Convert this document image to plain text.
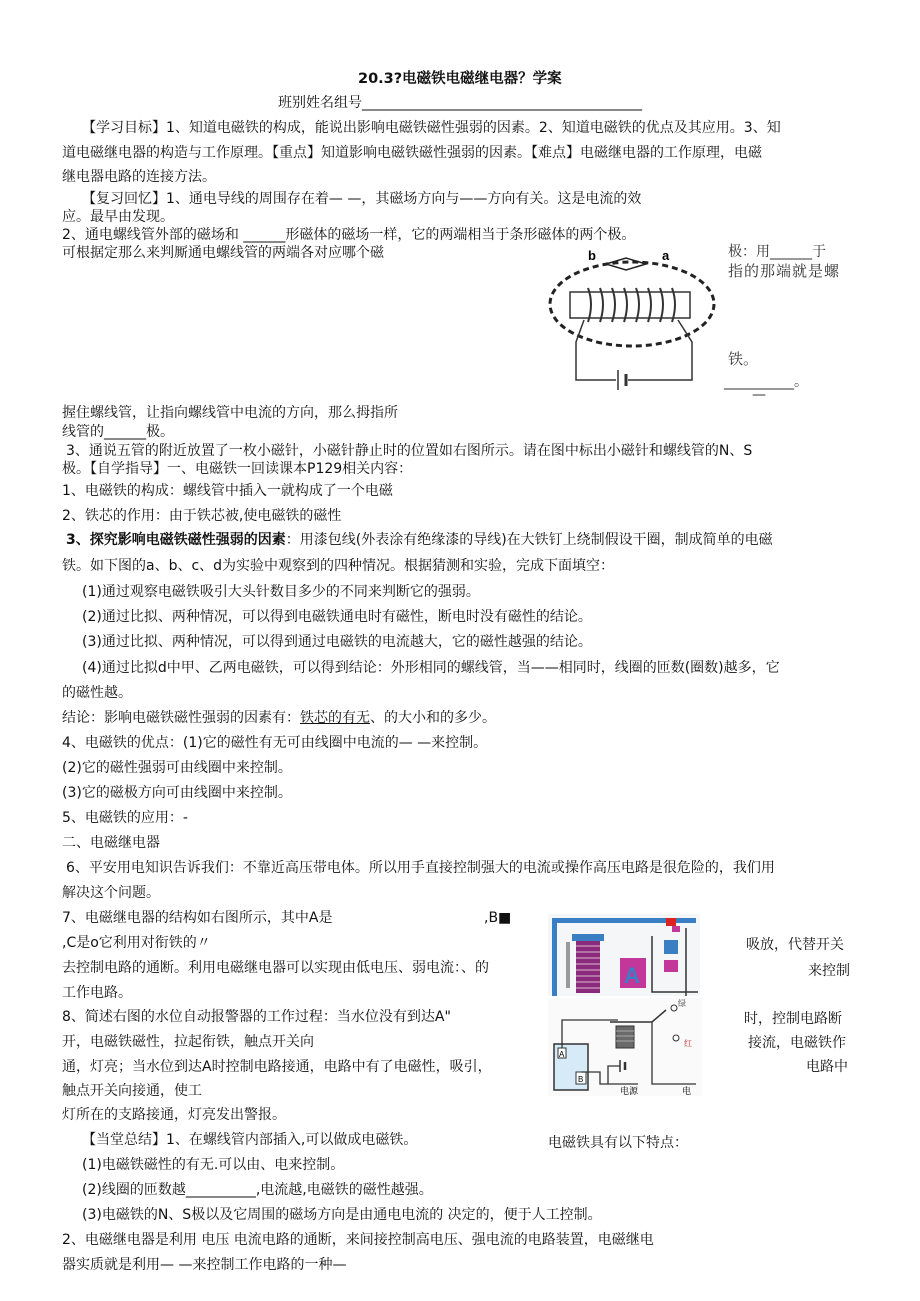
20.3?电磁铁电磁继电器？学案
班别姓名组号________________________________________
【学习目标】1、知道电磁铁的构成，能说出影响电磁铁磁性强弱的因素。2、知道电磁铁的优点及其应用。3、知
道电磁继电器的构造与工作原理。【重点】知道影响电磁铁磁性强弱的因素。【难点】电磁继电器的工作原理，电磁
继电器电路的连接方法。
【复习回忆】1、通电导线的周围存在着— —，其磁场方向与——方向有关。这是电流的效
应。最早由发现。
2、通电螺线管外部的磁场和 ______形磁体的磁场一样，它的两端相当于条形磁体的两个极。
可根据定那么来判厮通电螺线管的两端各对应哪个磁	极：用______于
指的那端就是螺
铁。
__________。
—
b	a
握住螺线管，让指向螺线管中电流的方向，那么拇指所
线管的______极。
3、通说五管的附近放置了一枚小磁针，小磁针静止时的位置如右图所示。请在图中标出小磁针和螺线管的N、S
极。【自学指导】一、电磁铁一回读课本P129相关内容：
1、电磁铁的构成：螺线管中插入一就构成了一个电磁
2、铁芯的作用：由于铁芯被,使电磁铁的磁性
3、探究影响电磁铁磁性强弱的因素：用漆包线(外表涂有绝缘漆的导线)在大铁钉上绕制假设干圈，制成简单的电磁
铁。如下图的a、b、c、d为实验中观察到的四种情况。根据猜测和实验，完成下面填空：
(1)通过观察电磁铁吸引大头针数目多少的不同来判断它的强弱。
(2)通过比拟、两种情况，可以得到电磁铁通电时有磁性，断电时没有磁性的结论。
(3)通过比拟、两种情况，可以得到通过电磁铁的电流越大，它的磁性越强的结论。
(4)通过比拟d中甲、乙两电磁铁，可以得到结论：外形相同的螺线管，当——相同时，线圈的匝数(圈数)越多，它
的磁性越。
结论：影响电磁铁磁性强弱的因素有：铁芯的有无、的大小和的多少。
4、电磁铁的优点：(1)它的磁性有无可由线圈中电流的— —来控制。
(2)它的磁性强弱可由线圈中来控制。
(3)它的磁极方向可由线圈中来控制。
5、电磁铁的应用：-
二、电磁继电器
6、平安用电知识告诉我们：不靠近高压带电体。所以用手直接控制强大的电流或操作高压电路是很危险的，我们用
解决这个问题。
7、电磁继电器的结构如右图所示，其中A是	,B■
,C是o它利用对衔铁的〃	吸放，代替开关
去控制电路的通断。利用电磁继电器可以实现由低电压、弱电流：、的	来控制
工作电路。
A
8、简述右图的水位自动报警器的工作过程：当水位没有到达A"	时，控制电路断
开，电磁铁磁性，拉起衔铁，触点开关向	接流，电磁铁作
通，灯亮；当水位到达A时控制电路接通，电路中有了电磁性，吸引，	电路中
触点开关向接通，使工
灯所在的支路接通，灯亮发出警报。
A
B
绿
红
电源	电
【当堂总结】1、在螺线管内部插入,可以做成电磁铁。	电磁铁具有以下特点：
(1)电磁铁磁性的有无.可以由、电来控制。
(2)线圈的匝数越__________,电流越,电磁铁的磁性越强。
(3)电磁铁的N、S极以及它周围的磁场方向是由通电电流的 决定的，便于人工控制。
2、电磁继电器是利用 电压 电流电路的通断，来间接控制高电压、强电流的电路装置，电磁继电
器实质就是利用— —来控制工作电路的一种—
